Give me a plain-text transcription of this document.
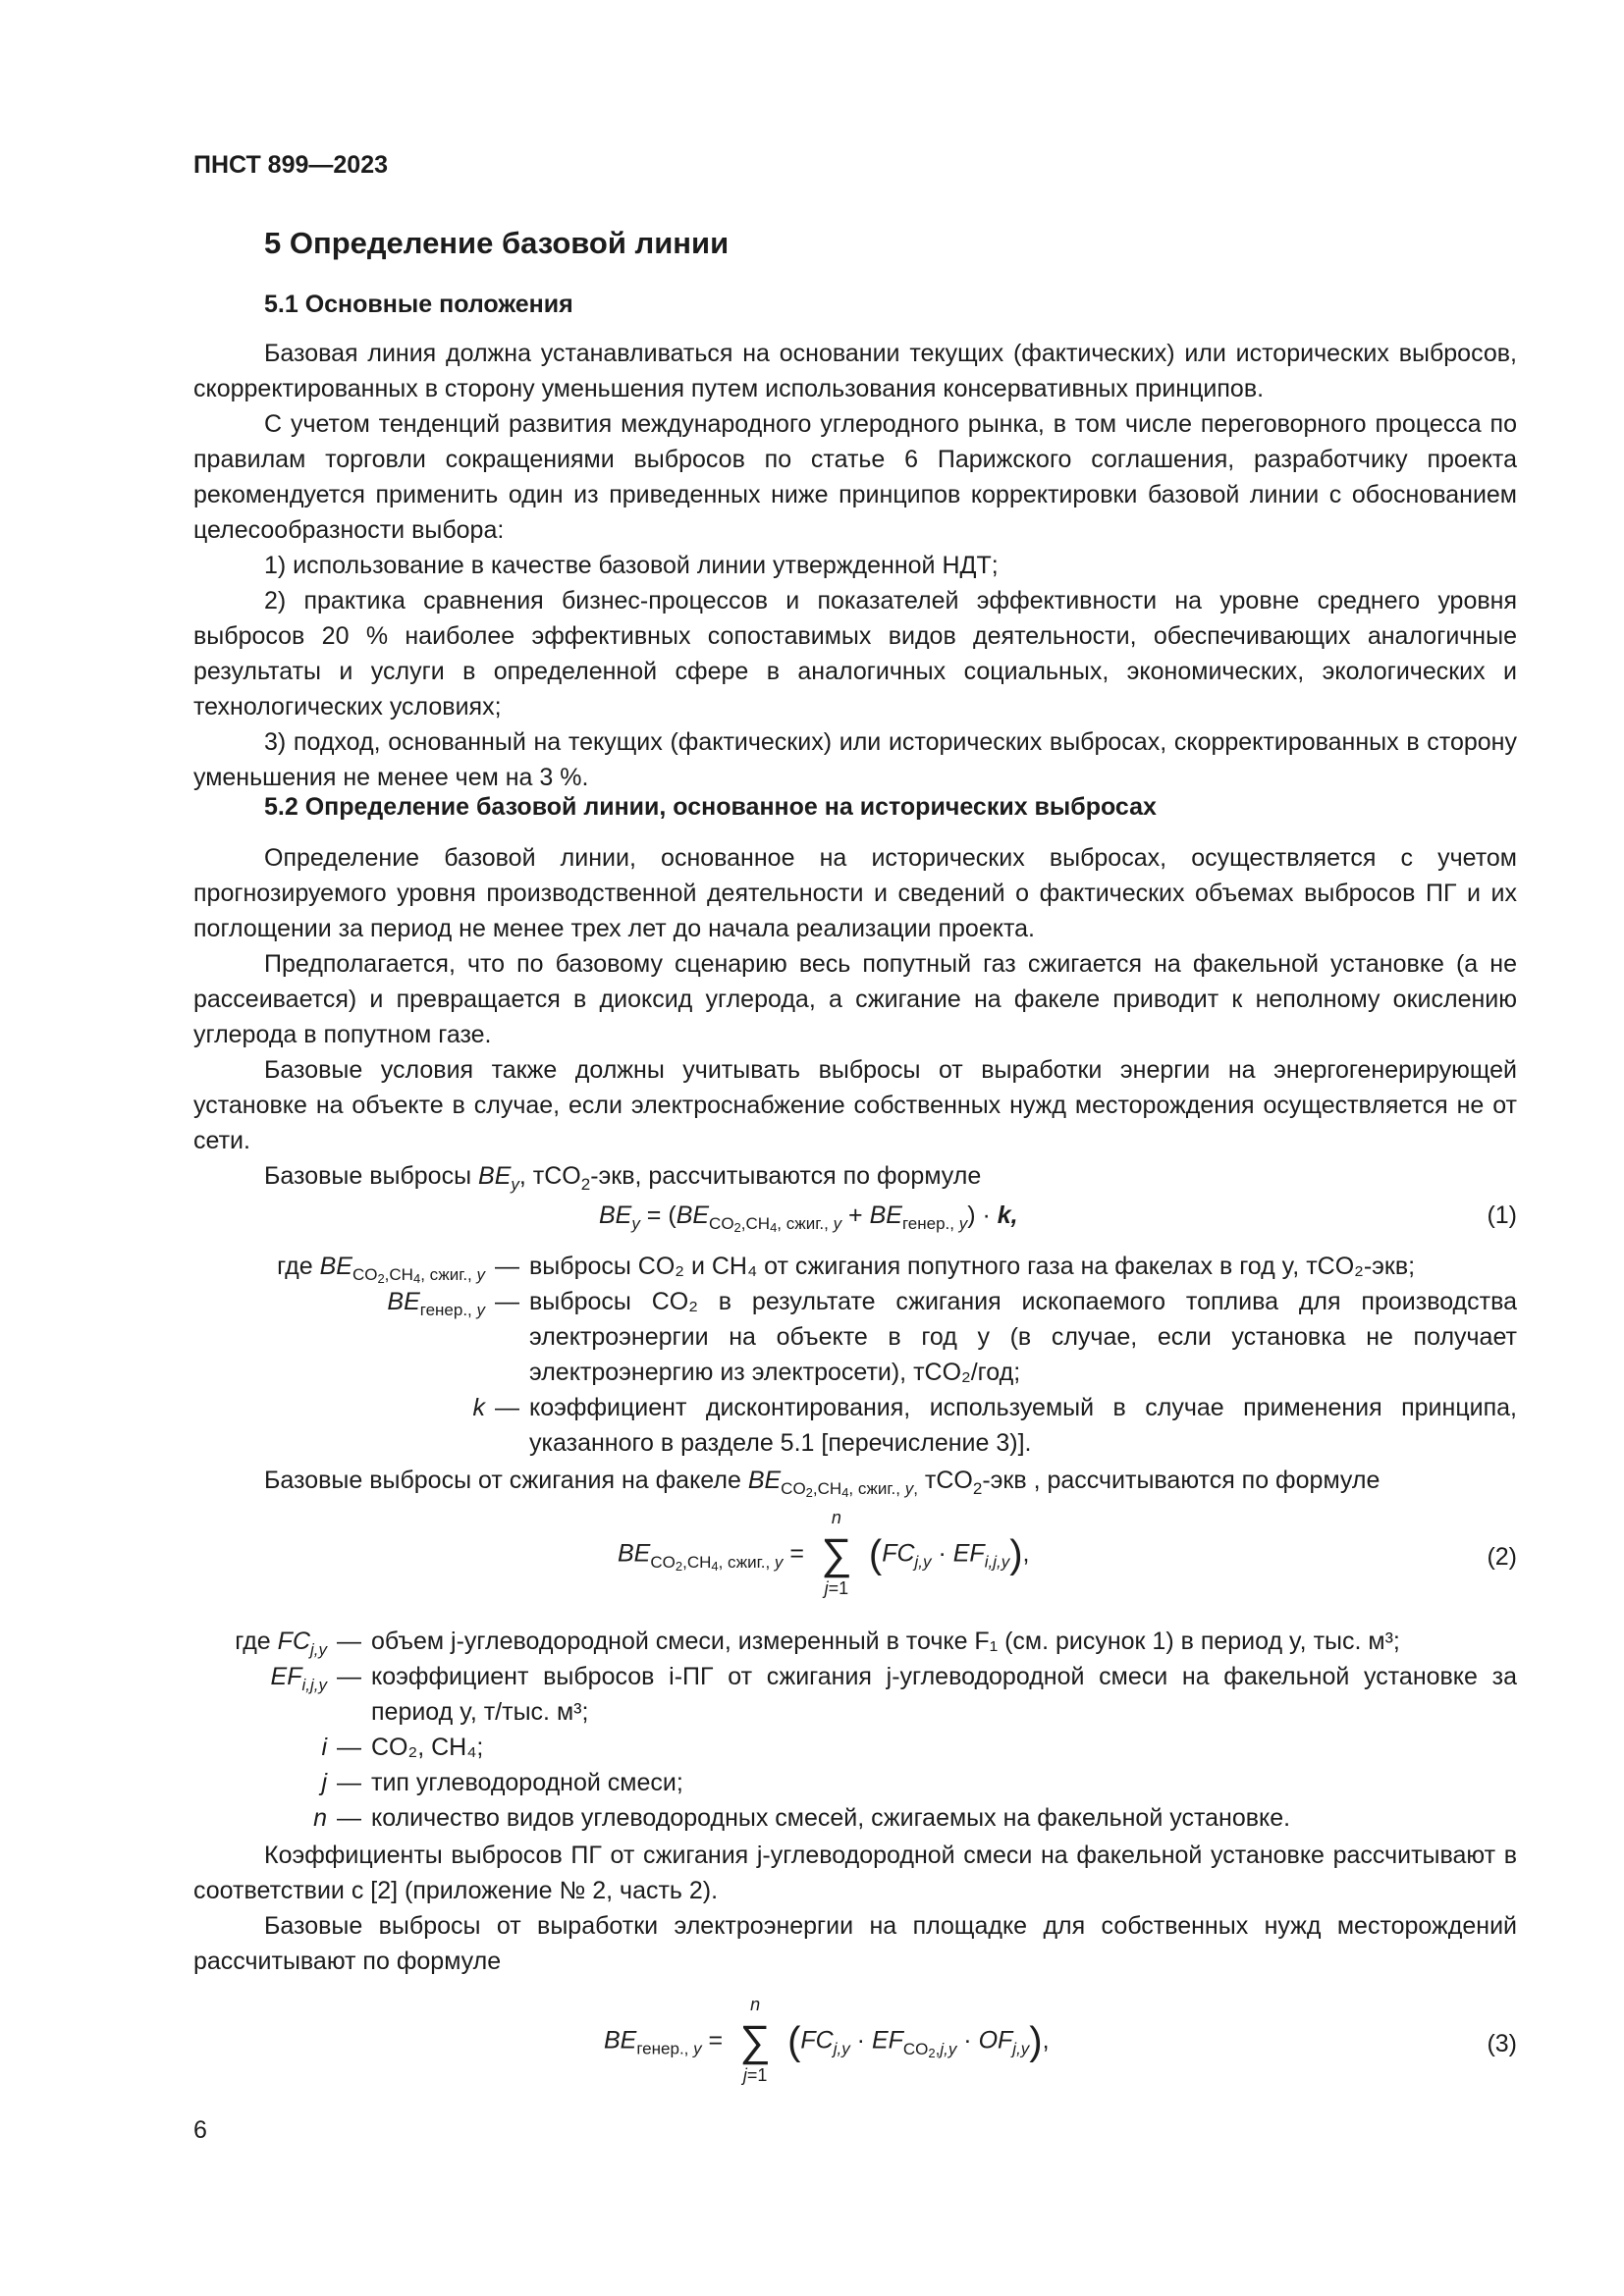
ПНСТ 899—2023
5 Определение базовой линии
5.1 Основные положения

Базовая линия должна устанавливаться на основании текущих (фактических) или исторических выбросов, скорректированных в сторону уменьшения путем использования консервативных принципов.

С учетом тенденций развития международного углеродного рынка, в том числе переговорного процесса по правилам торговли сокращениями выбросов по статье 6 Парижского соглашения, разработчику проекта рекомендуется применить один из приведенных ниже принципов корректировки базовой линии с обоснованием целесообразности выбора:

1) использование в качестве базовой линии утвержденной НДТ;

2) практика сравнения бизнес-процессов и показателей эффективности на уровне среднего уровня выбросов 20 % наиболее эффективных сопоставимых видов деятельности, обеспечивающих аналогичные результаты и услуги в определенной сфере в аналогичных социальных, экономических, экологических и технологических условиях;

3) подход, основанный на текущих (фактических) или исторических выбросах, скорректированных в сторону уменьшения не менее чем на 3 %.

5.2 Определение базовой линии, основанное на исторических выбросах

Определение базовой линии, основанное на исторических выбросах, осуществляется с учетом прогнозируемого уровня производственной деятельности и сведений о фактических объемах выбросов ПГ и их поглощении за период не менее трех лет до начала реализации проекта.

Предполагается, что по базовому сценарию весь попутный газ сжигается на факельной установке (а не рассеивается) и превращается в диоксид углерода, а сжигание на факеле приводит к неполному окислению углерода в попутном газе.

Базовые условия также должны учитывать выбросы от выработки энергии на энергогенерирующей установке на объекте в случае, если электроснабжение собственных нужд месторождения осуществляется не от сети.

Базовые выбросы $BE_y$, тCO$_2$-экв, рассчитываются по формуле

$BE_y = (BE_{CO_2,CH_4, сжиг., y} + BE_{генер., y}) \cdot k$,	(1)
где $BE_{CO_2,CH_4, сжиг., y}$ — выбросы CO₂ и CH₄ от сжигания попутного газа на факелах в год y, тCO₂-экв;
$BE_{генер., y}$ — выбросы CO₂ в результате сжигания ископаемого топлива для производства электроэнергии на объекте в год y (в случае, если установка не получает электроэнергию из электросети), тCO₂/год;
k — коэффициент дисконтирования, используемый в случае применения принципа, указанного в разделе 5.1 [перечисление 3)].

Базовые выбросы от сжигания на факеле $BE_{CO_2,CH_4, сжиг., y,}$ тCO$_2$-экв , рассчитываются по формуле

$BE_{CO_2,CH_4, сжиг., y}$ =
n
∑
j=1
$(FC_{j,y} \cdot EF_{i,j,y})$,	(2)
где $FC_{j,y}$ — объем j-углеводородной смеси, измеренный в точке F₁ (см. рисунок 1) в период y, тыс. м³;
$EF_{i,j,y}$ — коэффициент выбросов i-ПГ от сжигания j-углеводородной смеси на факельной установке за период y, т/тыс. м³;
i — CO₂, CH₄;
j — тип углеводородной смеси;
n — количество видов углеводородных смесей, сжигаемых на факельной установке.

Коэффициенты выбросов ПГ от сжигания j-углеводородной смеси на факельной установке рассчитывают в соответствии с [2] (приложение № 2, часть 2).

Базовые выбросы от выработки электроэнергии на площадке для собственных нужд месторождений рассчитывают по формуле

$BE_{генер., y}$ =
n
∑
j=1
$(FC_{j,y} \cdot EF_{CO_2,j,y} \cdot OF_{j,y})$,	(3)
6
